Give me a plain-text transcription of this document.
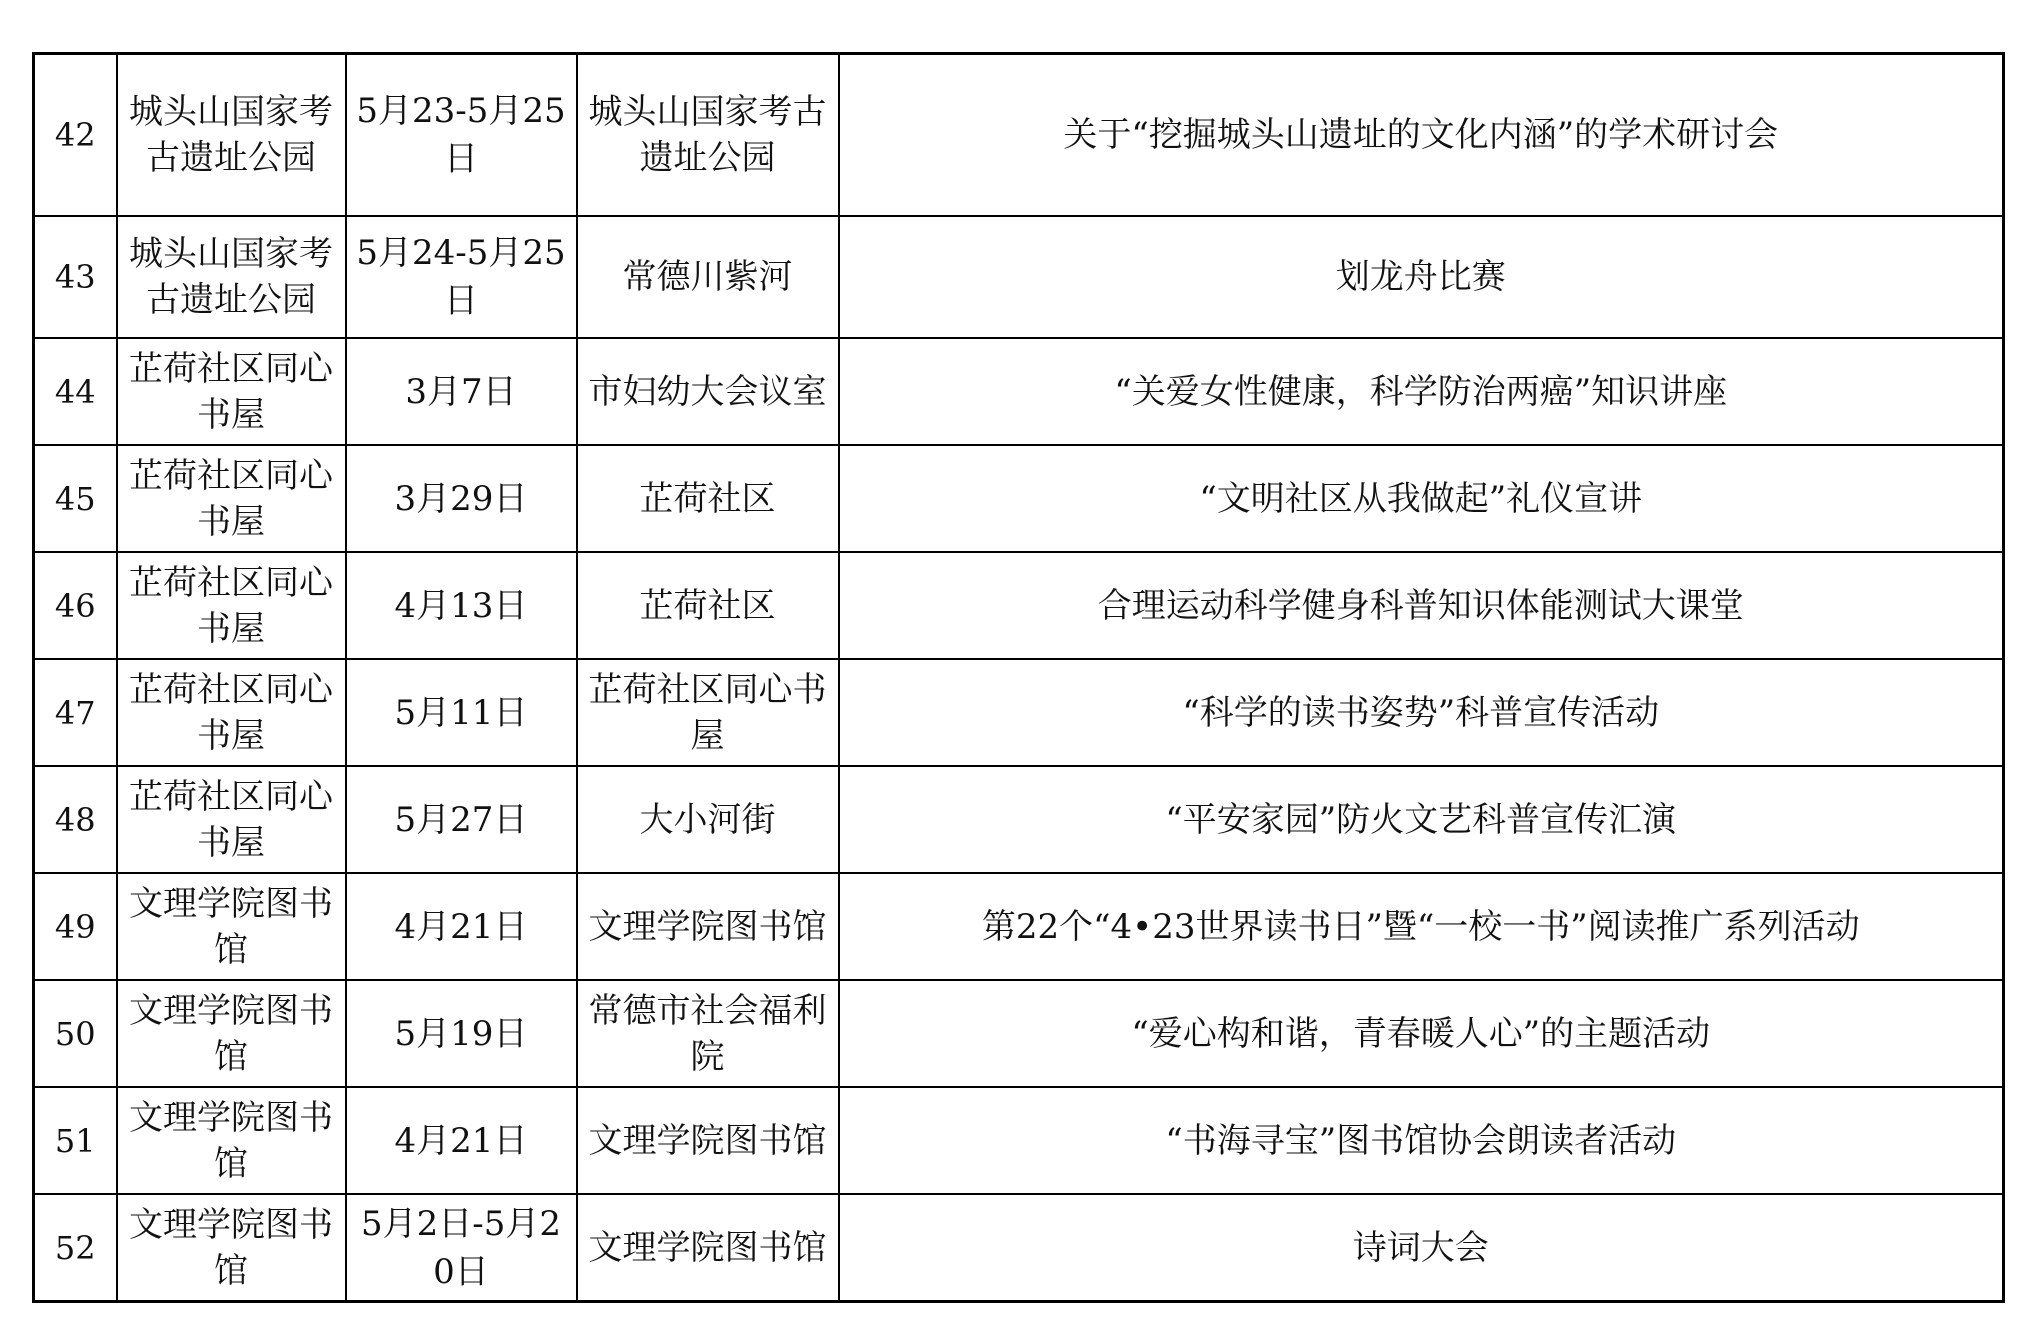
42	城头山国家考古遗址公园	5月23-5月25日	城头山国家考古遗址公园	关于“挖掘城头山遗址的文化内涵”的学术研讨会
43	城头山国家考古遗址公园	5月24-5月25日	常德川紫河	划龙舟比赛
44	芷荷社区同心书屋	3月7日	市妇幼大会议室	“关爱女性健康，科学防治两癌”知识讲座
45	芷荷社区同心书屋	3月29日	芷荷社区	“文明社区从我做起”礼仪宣讲
46	芷荷社区同心书屋	4月13日	芷荷社区	合理运动科学健身科普知识体能测试大课堂
47	芷荷社区同心书屋	5月11日	芷荷社区同心书屋	“科学的读书姿势”科普宣传活动
48	芷荷社区同心书屋	5月27日	大小河街	“平安家园”防火文艺科普宣传汇演
49	文理学院图书馆	4月21日	文理学院图书馆	第22个“4•23世界读书日”暨“一校一书”阅读推广系列活动
50	文理学院图书馆	5月19日	常德市社会福利院	“爱心构和谐，青春暖人心”的主题活动
51	文理学院图书馆	4月21日	文理学院图书馆	“书海寻宝”图书馆协会朗读者活动
52	文理学院图书馆	5月2日-5月20日	文理学院图书馆	诗词大会
